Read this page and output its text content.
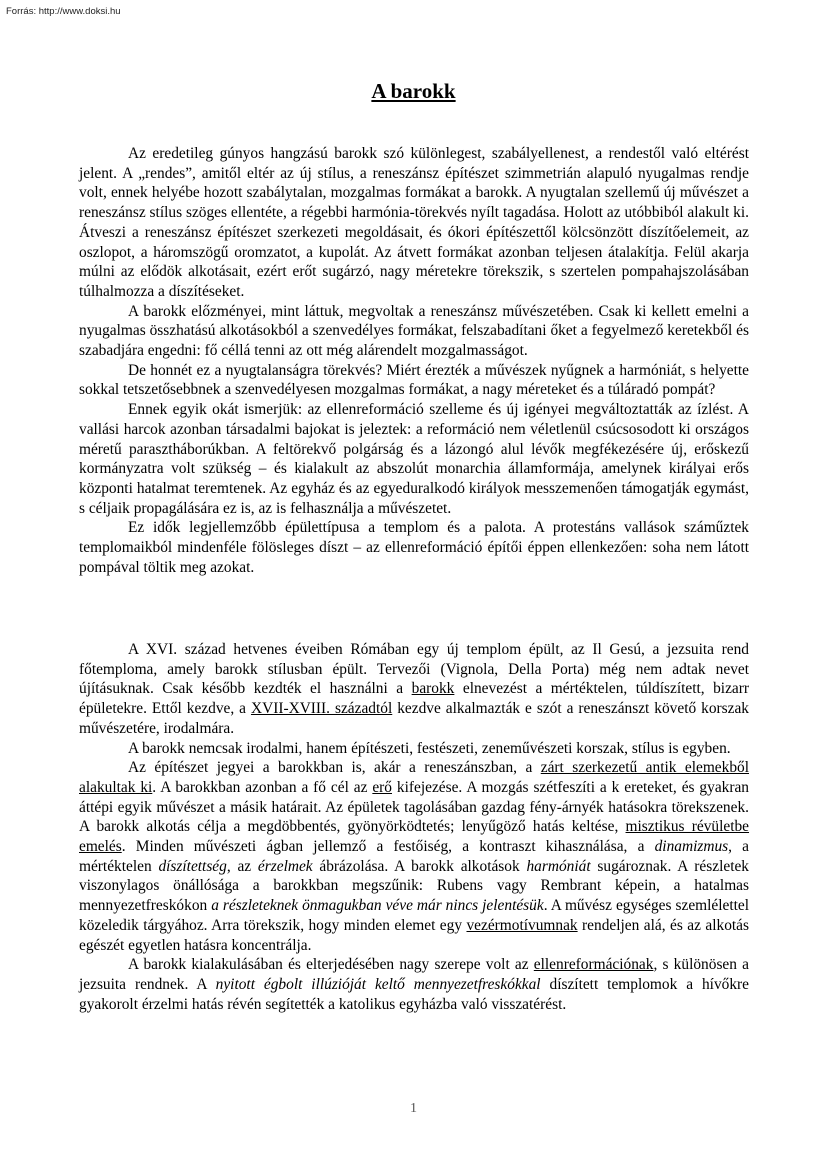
Forrás: http://www.doksi.hu
A barokk

Az eredetileg gúnyos hangzású barokk szó különlegest, szabályellenest, a rendestől való eltérést jelent. A „rendes”, amitől eltér az új stílus, a reneszánsz építészet szimmetrián alapuló nyugalmas rendje volt, ennek helyébe hozott szabálytalan, mozgalmas formákat a barokk. A nyugtalan szellemű új művészet a reneszánsz stílus szöges ellentéte, a régebbi harmónia-törekvés nyílt tagadása. Holott az utóbbiból alakult ki. Átveszi a reneszánsz építészet szerkezeti megoldásait, és ókori építészettől kölcsönzött díszítőelemeit, az oszlopot, a háromszögű oromzatot, a kupolát. Az átvett formákat azonban teljesen átalakítja. Felül akarja múlni az elődök alkotásait, ezért erőt sugárzó, nagy méretekre törekszik, s szertelen pompahajszolásában túlhalmozza a díszítéseket.

A barokk előzményei, mint láttuk, megvoltak a reneszánsz művészetében. Csak ki kellett emelni a nyugalmas összhatású alkotásokból a szenvedélyes formákat, felszabadítani őket a fegyelmező keretekből és szabadjára engedni: fő céllá tenni az ott még alárendelt mozgalmasságot.

De honnét ez a nyugtalanságra törekvés? Miért érezték a művészek nyűgnek a harmóniát, s helyette sokkal tetszetősebbnek a szenvedélyesen mozgalmas formákat, a nagy méreteket és a túláradó pompát?

Ennek egyik okát ismerjük: az ellenreformáció szelleme és új igényei megváltoztatták az ízlést. A vallási harcok azonban társadalmi bajokat is jeleztek: a reformáció nem véletlenül csúcsosodott ki országos méretű parasztháborúkban. A feltörekvő polgárság és a lázongó alul lévők megfékezésére új, erőskezű kormányzatra volt szükség – és kialakult az abszolút monarchia államformája, amelynek királyai erős központi hatalmat teremtenek. Az egyház és az egyeduralkodó királyok messzemenően támogatják egymást, s céljaik propagálására ez is, az is felhasználja a művészetet.

Ez idők legjellemzőbb épülettípusa a templom és a palota. A protestáns vallások száműztek templomaikból mindenféle fölösleges díszt – az ellenreformáció építői éppen ellenkezően: soha nem látott pompával töltik meg azokat.

A XVI. század hetvenes éveiben Rómában egy új templom épült, az Il Gesú, a jezsuita rend főtemploma, amely barokk stílusban épült. Tervezői (Vignola, Della Porta) még nem adtak nevet újításuknak. Csak később kezdték el használni a barokk elnevezést a mértéktelen, túldíszített, bizarr épületekre. Ettől kezdve, a XVII-XVIII. századtól kezdve alkalmazták e szót a reneszánszt követő korszak művészetére, irodalmára.

A barokk nemcsak irodalmi, hanem építészeti, festészeti, zeneművészeti korszak, stílus is egyben.

Az építészet jegyei a barokkban is, akár a reneszánszban, a zárt szerkezetű antik elemekből alakultak ki. A barokkban azonban a fő cél az erő kifejezése. A mozgás szétfeszíti a k ereteket, és gyakran áttépi egyik művészet a másik határait. Az épületek tagolásában gazdag fény-árnyék hatásokra törekszenek. A barokk alkotás célja a megdöbbentés, gyönyörködtetés; lenyűgöző hatás keltése, misztikus révületbe emelés. Minden művészeti ágban jellemző a festőiség, a kontraszt kihasználása, a dinamizmus, a mértéktelen díszítettség, az érzelmek ábrázolása. A barokk alkotások harmóniát sugároznak. A részletek viszonylagos önállósága a barokkban megszűnik: Rubens vagy Rembrant képein, a hatalmas mennyezetfreskókon a részleteknek önmagukban véve már nincs jelentésük. A művész egységes szemlélettel közeledik tárgyához. Arra törekszik, hogy minden elemet egy vezérmotívumnak rendeljen alá, és az alkotás egészét egyetlen hatásra koncentrálja.

A barokk kialakulásában és elterjedésében nagy szerepe volt az ellenreformációnak, s különösen a jezsuita rendnek. A nyitott égbolt illúzióját keltő mennyezetfreskókkal díszített templomok a hívőkre gyakorolt érzelmi hatás révén segítették a katolikus egyházba való visszatérést.

1
